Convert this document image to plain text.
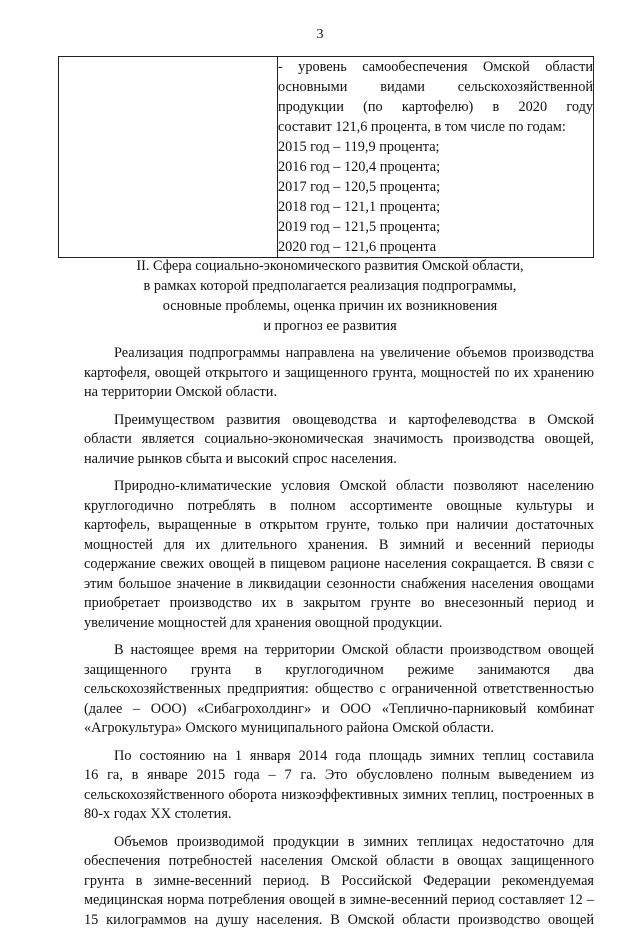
3

- уровень самообеспечения Омской области
основными видами сельскохозяйственной
продукции (по картофелю) в 2020 году
составит 121,6 процента, в том числе по годам:
2015 год – 119,9 процента;
2016 год – 120,4 процента;
2017 год – 120,5 процента;
2018 год – 121,1 процента;
2019 год – 121,5 процента;
2020 год – 121,6 процента
II. Сфера социально-экономического развития Омской области,
в рамках которой предполагается реализация подпрограммы,
основные проблемы, оценка причин их возникновения
и прогноз ее развития
Реализация подпрограммы направлена на увеличение объемов производства
картофеля, овощей открытого и защищенного грунта, мощностей по их хранению
на территории Омской области.
Преимуществом развития овощеводства и картофелеводства в Омской
области является социально-экономическая значимость производства овощей,
наличие рынков сбыта и высокий спрос населения.
Природно-климатические условия Омской области позволяют населению
круглогодично потреблять в полном ассортименте овощные культуры и
картофель, выращенные в открытом грунте, только при наличии достаточных
мощностей для их длительного хранения. В зимний и весенний периоды
содержание свежих овощей в пищевом рационе населения сокращается. В связи с
этим большое значение в ликвидации сезонности снабжения населения овощами
приобретает производство их в закрытом грунте во внесезонный период и
увеличение мощностей для хранения овощной продукции.
В настоящее время на территории Омской области производством овощей
защищенного грунта в круглогодичном режиме занимаются два
сельскохозяйственных предприятия: общество с ограниченной ответственностью
(далее – ООО) «Сибагрохолдинг» и ООО «Теплично-парниковый комбинат
«Агрокультура» Омского муниципального района Омской области.
По состоянию на 1 января 2014 года площадь зимних теплиц составила
16 га, в январе 2015 года – 7 га. Это обусловлено полным выведением из
сельскохозяйственного оборота низкоэффективных зимних теплиц, построенных в
80-х годах XX столетия.
Объемов производимой продукции в зимних теплицах недостаточно для
обеспечения потребностей населения Омской области в овощах защищенного
грунта в зимне-весенний период. В Российской Федерации рекомендуемая
медицинская норма потребления овощей в зимне-весенний период составляет 12 –
15 килограммов на душу населения. В Омской области производство овощей
